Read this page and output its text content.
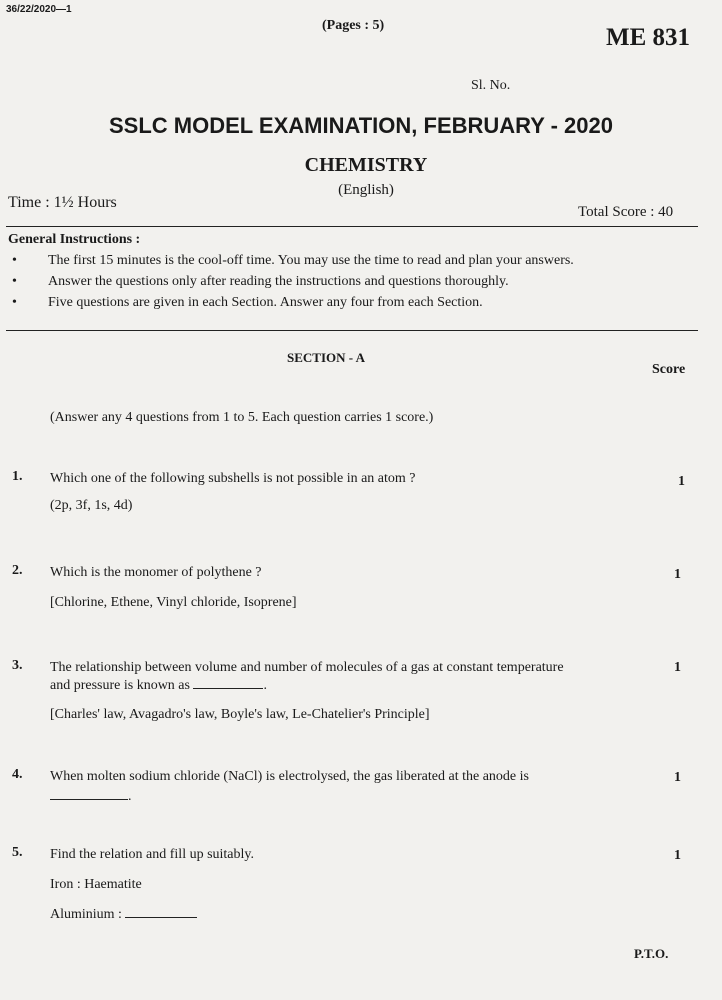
36/22/2020—1
(Pages : 5)	ME 831
Sl. No.
SSLC MODEL EXAMINATION, FEBRUARY - 2020
CHEMISTRY
(English)
Time : 1½ Hours
Total Score : 40
General Instructions :
• The first 15 minutes is the cool-off time. You may use the time to read and plan your answers.
• Answer the questions only after reading the instructions and questions thoroughly.
• Five questions are given in each Section. Answer any four from each Section.
SECTION - A
Score
(Answer any 4 questions from 1 to 5. Each question carries 1 score.)
1. Which one of the following subshells is not possible in an atom ?	1
(2p, 3f, 1s, 4d)
2. Which is the monomer of polythene ?	1
[Chlorine, Ethene, Vinyl chloride, Isoprene]
3. The relationship between volume and number of molecules of a gas at constant temperature
and pressure is known as	.
1
[Charles' law, Avagadro's law, Boyle's law, Le-Chatelier's Principle]
4. When molten sodium chloride (NaCl) is electrolysed, the gas liberated at the anode is	1
.
5. Find the relation and fill up suitably.	1
Iron : Haematite
Aluminium :
P.T.O.
